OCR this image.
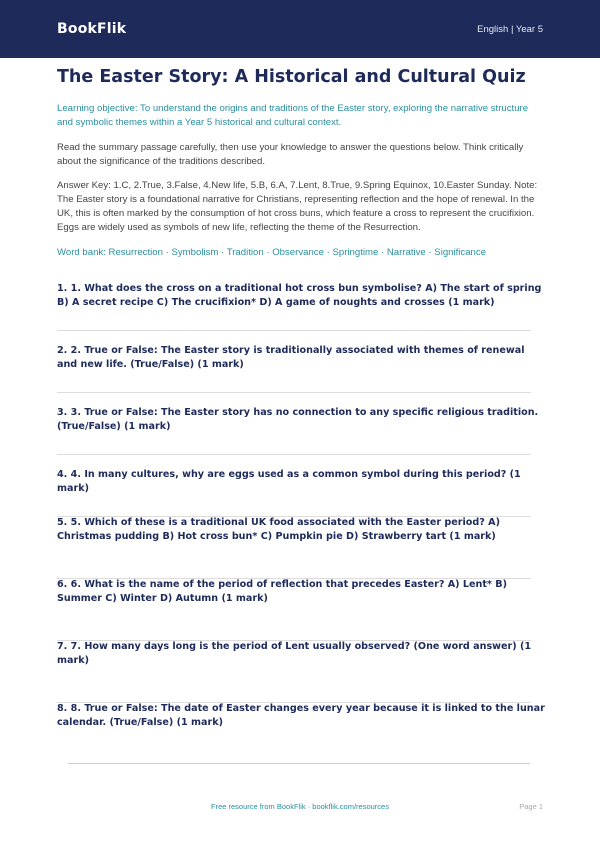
BookFlik	English | Year 5
The Easter Story: A Historical and Cultural Quiz

Learning objective: To understand the origins and traditions of the Easter story, exploring the narrative structure and symbolic themes within a Year 5 historical and cultural context.

Read the summary passage carefully, then use your knowledge to answer the questions below. Think critically about the significance of the traditions described.

Answer Key: 1.C, 2.True, 3.False, 4.New life, 5.B, 6.A, 7.Lent, 8.True, 9.Spring Equinox, 10.Easter Sunday. Note: The Easter story is a foundational narrative for Christians, representing reflection and the hope of renewal. In the UK, this is often marked by the consumption of hot cross buns, which feature a cross to represent the crucifixion. Eggs are widely used as symbols of new life, reflecting the theme of the Resurrection.

Word bank: Resurrection · Symbolism · Tradition · Observance · Springtime · Narrative · Significance

1. 1. What does the cross on a traditional hot cross bun symbolise? A) The start of spring B) A secret recipe C) The crucifixion* D) A game of noughts and crosses (1 mark)
2. 2. True or False: The Easter story is traditionally associated with themes of renewal and new life. (True/False) (1 mark)
3. 3. True or False: The Easter story has no connection to any specific religious tradition. (True/False) (1 mark)
4. 4. In many cultures, why are eggs used as a common symbol during this period? (1 mark)
5. 5. Which of these is a traditional UK food associated with the Easter period? A) Christmas pudding B) Hot cross bun* C) Pumpkin pie D) Strawberry tart (1 mark)
6. 6. What is the name of the period of reflection that precedes Easter? A) Lent* B) Summer C) Winter D) Autumn (1 mark)
7. 7. How many days long is the period of Lent usually observed? (One word answer) (1 mark)
8. 8. True or False: The date of Easter changes every year because it is linked to the lunar calendar. (True/False) (1 mark)
Free resource from BookFlik · bookflik.com/resources	Page 1
